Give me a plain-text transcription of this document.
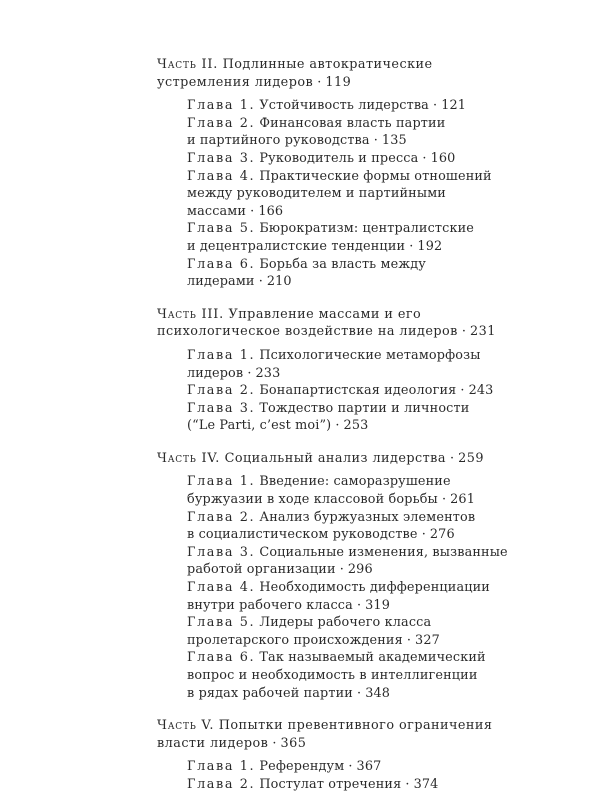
Часть II. Подлинные автократические
устремления лидеров · 119
Глава 1. Устойчивость лидерства · 121
Глава 2. Финансовая власть партии
и партийного руководства · 135
Глава 3. Руководитель и пресса · 160
Глава 4. Практические формы отношений
между руководителем и партийными
массами · 166
Глава 5. Бюрократизм: централистские
и децентралистские тенденции · 192
Глава 6. Борьба за власть между
лидерами · 210
Часть III. Управление массами и его
психологическое воздействие на лидеров · 231
Глава 1. Психологические метаморфозы
лидеров · 233
Глава 2. Бонапартистская идеология · 243
Глава 3. Тождество партии и личности
(“Le Parti, c’est moi”) · 253
Часть IV. Социальный анализ лидерства · 259
Глава 1. Введение: саморазрушение
буржуазии в ходе классовой борьбы · 261
Глава 2. Анализ буржуазных элементов
в социалистическом руководстве · 276
Глава 3. Социальные изменения, вызванные
работой организации · 296
Глава 4. Необходимость дифференциации
внутри рабочего класса · 319
Глава 5. Лидеры рабочего класса
пролетарского происхождения · 327
Глава 6. Так называемый академический
вопрос и необходимость в интеллигенции
в рядах рабочей партии · 348
Часть V. Попытки превентивного ограничения
власти лидеров · 365
Глава 1. Референдум · 367
Глава 2. Постулат отречения · 374
